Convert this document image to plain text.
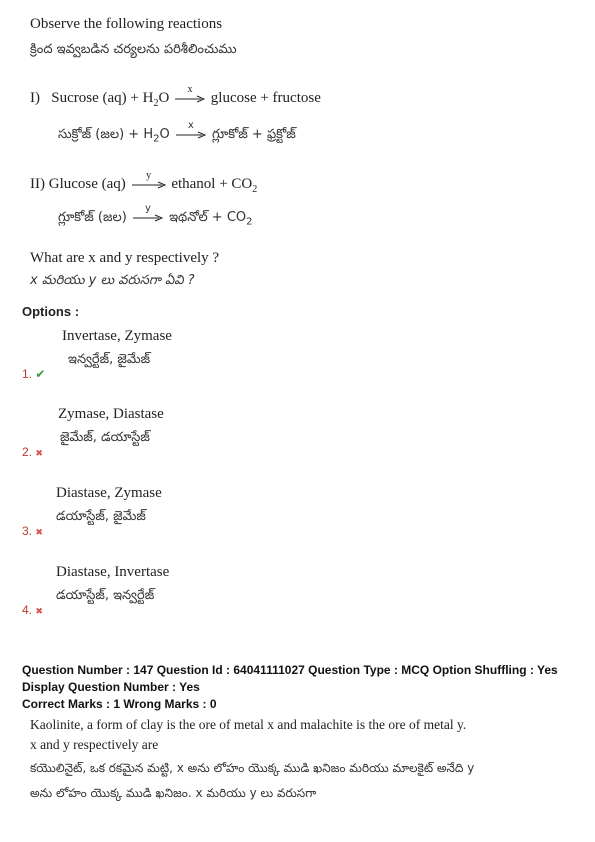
Observe the following reactions
క్రింద ఇవ్వబడిన చర్యలను పరిశీలించుము
I) Sucrose $(aq) + H_2O$
x
glucose + fructose
సుక్రోజ్ (జల) + $H_2O$
x
గ్లూకోజ్ + ఫ్రక్టోజ్
II) Glucose (aq)
y
ethanol + $CO_2$
గ్లూకోజ్ (జల)
y
ఇథనోల్ + $CO_2$
What are x and y respectively ?
x మరియు y లు వరుసగా ఏవి ?
Options :
Invertase, Zymase
ఇన్వర్టేజ్, జైమేజ్
1. ✔
Zymase, Diastase
జైమేజ్, డయాస్టేజ్
2. ✖
Diastase, Zymase
డయాస్టేజ్, జైమేజ్
3. ✖
Diastase, Invertase
డయాస్టేజ్, ఇన్వర్టేజ్
4. ✖
Question Number : 147 Question Id : 64041111027 Question Type : MCQ Option Shuffling : Yes
Display Question Number : Yes
Correct Marks : 1 Wrong Marks : 0
Kaolinite, a form of clay is the ore of metal x and malachite is the ore of metal y.
x and y respectively are
కయొలినైట్, ఒక రకమైన మట్టి, x అను లోహం యొక్క ముడి ఖనిజం మరియు మాలకైట్ అనేది y
అను లోహం యొక్క ముడి ఖనిజం. x మరియు y లు వరుసగా
